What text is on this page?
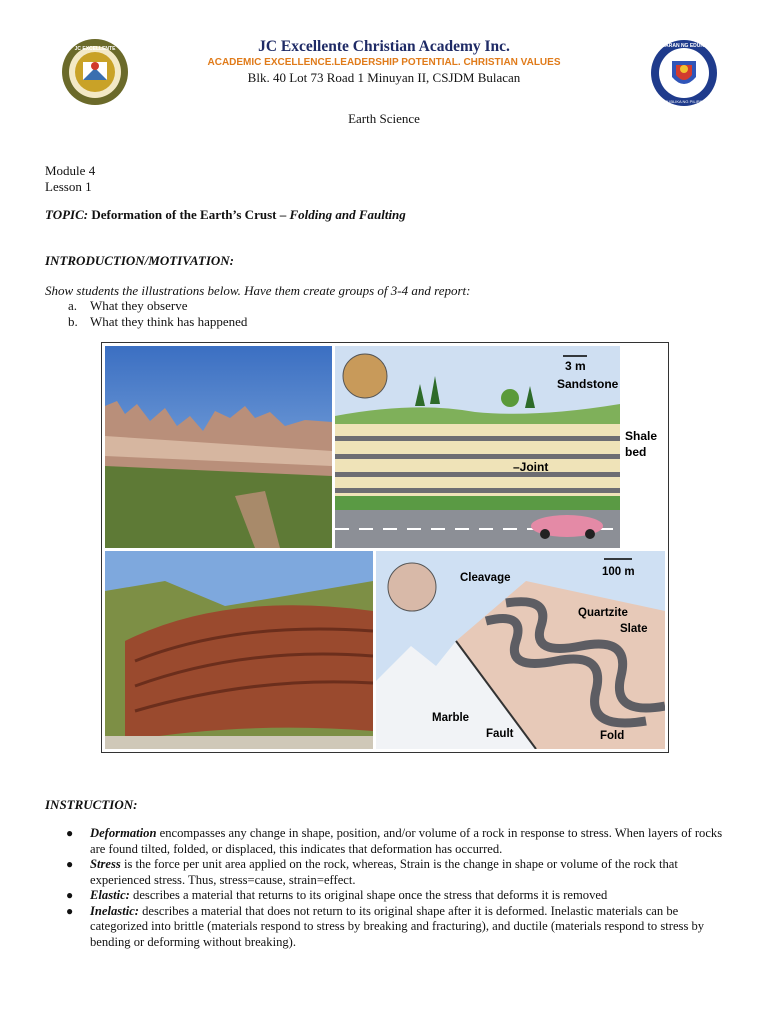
JC EXCELLENTE	KAGAWARAN NG EDUKASYON
REPUBLIKA NG PILIPINAS
JC Excellente Christian Academy Inc.
ACADEMIC EXCELLENCE.LEADERSHIP POTENTIAL. CHRISTIAN VALUES
Blk. 40 Lot 73 Road 1 Minuyan II, CSJDM Bulacan
Earth Science
Module 4
Lesson 1
TOPIC: Deformation of the Earth’s Crust – Folding and Faulting
INTRODUCTION/MOTIVATION:
Show students the illustrations below. Have them create groups of 3-4 and report:
a. What they observe
b. What they think has happened
3 m
Sandstone
Shale
bed
–Joint
Cleavage	100 m
Quartzite
Slate
Marble
Fault	Fold
INSTRUCTION:
● Deformation encompasses any change in shape, position, and/or volume of a rock in response to stress. When layers of rocks are found tilted, folded, or displaced, this indicates that deformation has occurred.
● Stress is the force per unit area applied on the rock, whereas, Strain is the change in shape or volume of the rock that experienced stress. Thus, stress=cause, strain=effect.
● Elastic: describes a material that returns to its original shape once the stress that deforms it is removed
● Inelastic: describes a material that does not return to its original shape after it is deformed. Inelastic materials can be categorized into brittle (materials respond to stress by breaking and fracturing), and ductile (materials respond to stress by bending or deforming without breaking).
